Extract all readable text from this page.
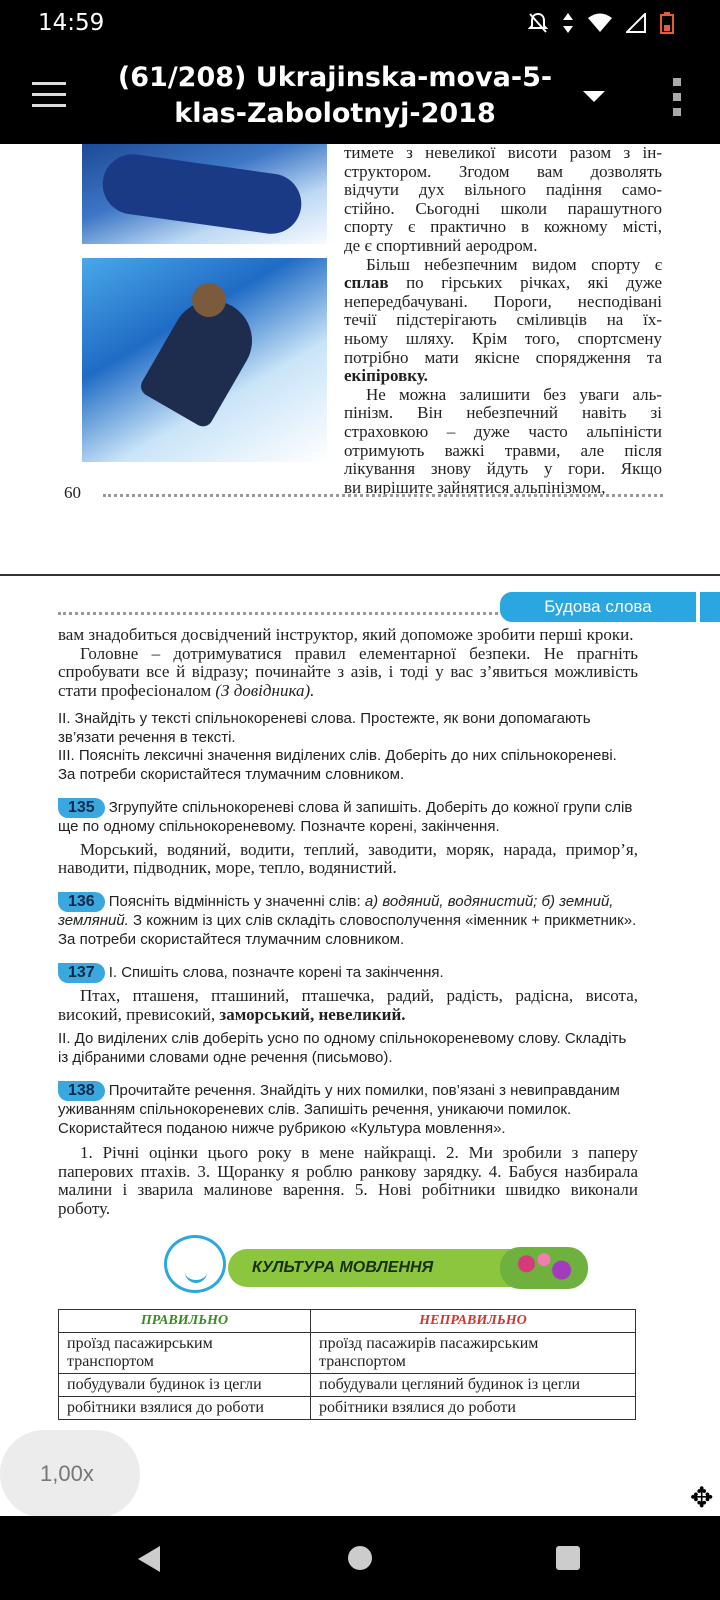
14:59
(61/208) Ukrajinska-mova-5-klas-Zabolotnyj-2018
тимете з невеликої висоти разом з ін-
структором. Згодом вам дозволять
відчути дух вільного падіння само-
стійно. Сьогодні школи парашутного
спорту є практично в кожному місті,
де є спортивний аеродром.
Більш небезпечним видом спорту є
сплав по гірських річках, які дуже
непередбачувані. Пороги, несподівані
течії підстерігають сміливців на їх-
ньому шляху. Крім того, спортсмену
потрібно мати якісне спорядження та
екіпіровку.
Не можна залишити без уваги аль-
пінізм. Він небезпечний навіть зі
страховкою – дуже часто альпіністи
отримують важкі травми, але після
лікування знову йдуть у гори. Якщо
ви вирішите зайнятися альпінізмом,
60
Будова слова

вам знадобиться досвідчений інструктор, який допоможе зробити перші кроки.

Головне – дотримуватися правил елементарної безпеки. Не прагніть спробувати все й відразу; починайте з азів, і тоді у вас з’явиться можливість стати професіоналом (З довідника).

II. Знайдіть у тексті спільнокореневі слова. Простежте, як вони допомагають зв’язати речення в тексті.

III. Поясніть лексичні значення виділених слів. Доберіть до них спільнокореневі. За потреби скористайтеся тлумачним словником.

135 Згрупуйте спільнокореневі слова й запишіть. Доберіть до кожної групи слів ще по одному спільнокореневому. Позначте корені, закінчення.

Морський, водяний, водити, теплий, заводити, моряк, нарада, примор’я, наводити, підводник, море, тепло, водянистий.

136 Поясніть відмінність у значенні слів: а) водяний, водянистий; б) земний, земляний. З кожним із цих слів складіть словосполучення «іменник + прикметник». За потреби скористайтеся тлумачним словником.

137 I. Спишіть слова, позначте корені та закінчення.

Птах, пташеня, пташиний, пташечка, радий, радість, радісна, висота, високий, превисокий, заморський, невеликий.

II. До виділених слів доберіть усно по одному спільнокореневому слову. Складіть із дібраними словами одне речення (письмово).

138 Прочитайте речення. Знайдіть у них помилки, пов’язані з невиправданим уживанням спільнокореневих слів. Запишіть речення, уникаючи помилок. Скористайтеся поданою нижче рубрикою «Культура мовлення».

1. Річні оцінки цього року в мене найкращі. 2. Ми зробили з паперу паперових птахів. 3. Щоранку я роблю ранкову зарядку. 4. Бабуся назбирала малини і зварила малинове варення. 5. Нові робітники швидко виконали роботу.

КУЛЬТУРА МОВЛЕННЯ
ПРАВИЛЬНО	НЕПРАВИЛЬНО
проїзд пасажирським транспортом	проїзд пасажирів пасажирським транспортом
побудували будинок із цегли	побудували цегляний будинок із цегли
робітники взялися до роботи	робітники взялися до роботи
1,00x
✥
